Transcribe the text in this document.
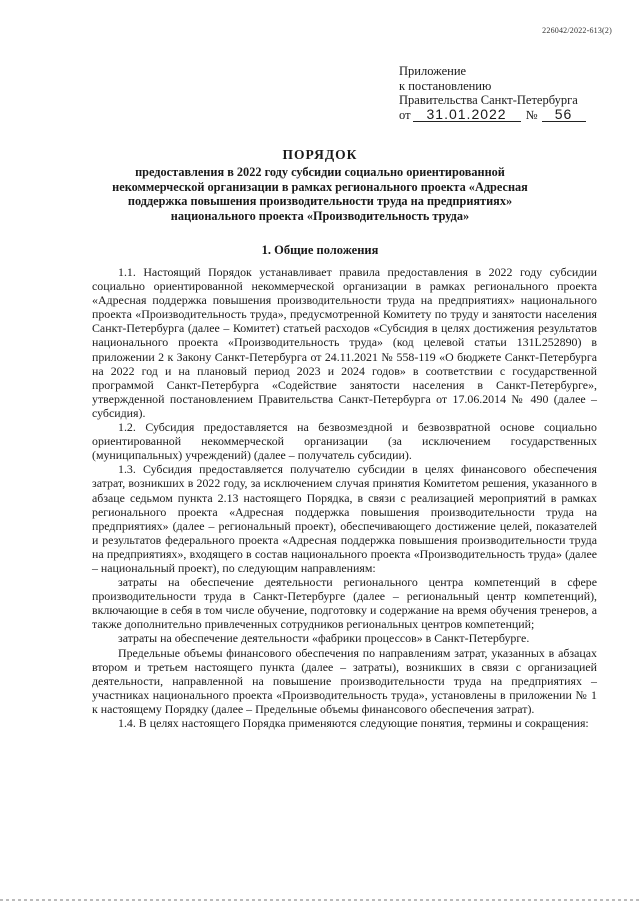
226042/2022-613(2)
Приложение
к постановлению
Правительства Санкт-Петербурга
от 31.01.2022 № 56
ПОРЯДОК
предоставления в 2022 году субсидии социально ориентированной некоммерческой организации в рамках регионального проекта «Адресная поддержка повышения производительности труда на предприятиях» национального проекта «Производительность труда»
1. Общие положения

1.1. Настоящий Порядок устанавливает правила предоставления в 2022 году субсидии социально ориентированной некоммерческой организации в рамках регионального проекта «Адресная поддержка повышения производительности труда на предприятиях» национального проекта «Производительность труда», предусмотренной Комитету по труду и занятости населения Санкт-Петербурга (далее – Комитет) статьей расходов «Субсидия в целях достижения результатов национального проекта «Производительность труда» (код целевой статьи 131L252890) в приложении 2 к Закону Санкт-Петербурга от 24.11.2021 № 558-119 «О бюджете Санкт-Петербурга на 2022 год и на плановый период 2023 и 2024 годов» в соответствии с государственной программой Санкт-Петербурга «Содействие занятости населения в Санкт-Петербурге», утвержденной постановлением Правительства Санкт-Петербурга от 17.06.2014 № 490 (далее – субсидия).

1.2. Субсидия предоставляется на безвозмездной и безвозвратной основе социально ориентированной некоммерческой организации (за исключением государственных (муниципальных) учреждений) (далее – получатель субсидии).

1.3. Субсидия предоставляется получателю субсидии в целях финансового обеспечения затрат, возникших в 2022 году, за исключением случая принятия Комитетом решения, указанного в абзаце седьмом пункта 2.13 настоящего Порядка, в связи с реализацией мероприятий в рамках регионального проекта «Адресная поддержка повышения производительности труда на предприятиях» (далее – региональный проект), обеспечивающего достижение целей, показателей и результатов федерального проекта «Адресная поддержка повышения производительности труда на предприятиях», входящего в состав национального проекта «Производительность труда» (далее – национальный проект), по следующим направлениям:

затраты на обеспечение деятельности регионального центра компетенций в сфере производительности труда в Санкт-Петербурге (далее – региональный центр компетенций), включающие в себя в том числе обучение, подготовку и содержание на время обучения тренеров, а также дополнительно привлеченных сотрудников региональных центров компетенций;

затраты на обеспечение деятельности «фабрики процессов» в Санкт-Петербурге.

Предельные объемы финансового обеспечения по направлениям затрат, указанных в абзацах втором и третьем настоящего пункта (далее – затраты), возникших в связи с организацией деятельности, направленной на повышение производительности труда на предприятиях – участниках национального проекта «Производительность труда», установлены в приложении № 1 к настоящему Порядку (далее – Предельные объемы финансового обеспечения затрат).

1.4. В целях настоящего Порядка применяются следующие понятия, термины и сокращения:
